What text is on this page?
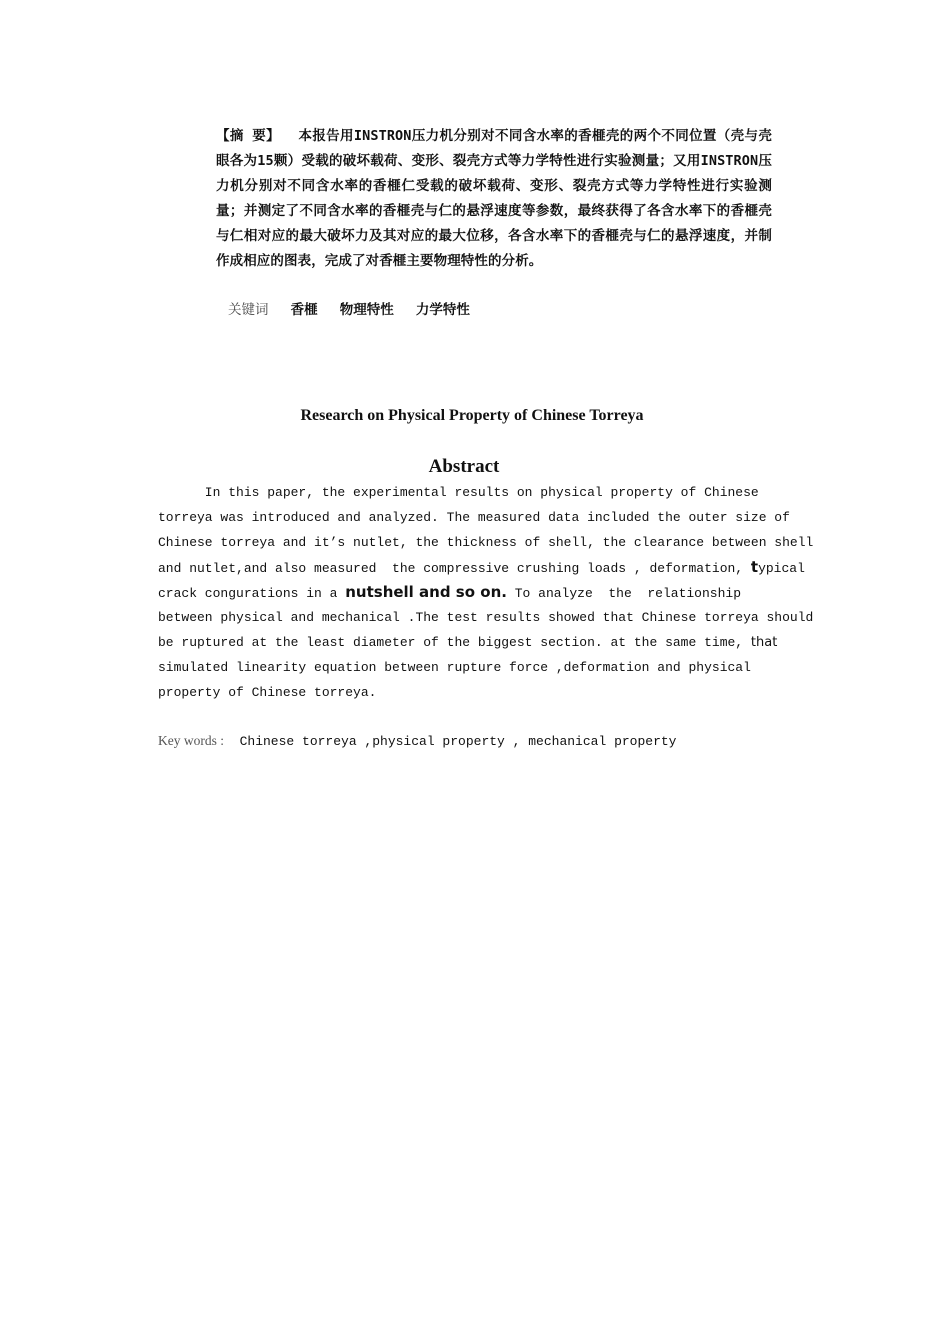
【摘 要】 本报告用INSTRON压力机分别对不同含水率的香榧壳的两个不同位置（壳与壳眼各为15颗）受载的破坏载荷、变形、裂壳方式等力学特性进行实验测量；又用INSTRON压力机分别对不同含水率的香榧仁受载的破坏载荷、变形、裂壳方式等力学特性进行实验测量；并测定了不同含水率的香榧壳与仁的悬浮速度等参数，最终获得了各含水率下的香榧壳与仁相对应的最大破坏力及其对应的最大位移，各含水率下的香榧壳与仁的悬浮速度，并制作成相应的图表，完成了对香榧主要物理特性的分析。
关键词 香榧 物理特性 力学特性
Research on Physical Property of Chinese Torreya
Abstract
In this paper, the experimental results on physical property of Chinese
torreya was introduced and analyzed. The measured data included the outer size of
Chinese torreya and it’s nutlet, the thickness of shell, the clearance between shell
and nutlet,and also measured  the compressive crushing loads , deformation, typical
crack congurations in a nutshell and so on. To analyze  the  relationship
between physical and mechanical .The test results showed that Chinese torreya should
be ruptured at the least diameter of the biggest section. at the same time, that
simulated linearity equation between rupture force ,deformation and physical
property of Chinese torreya.
Key words :  Chinese torreya ,physical property , mechanical property
